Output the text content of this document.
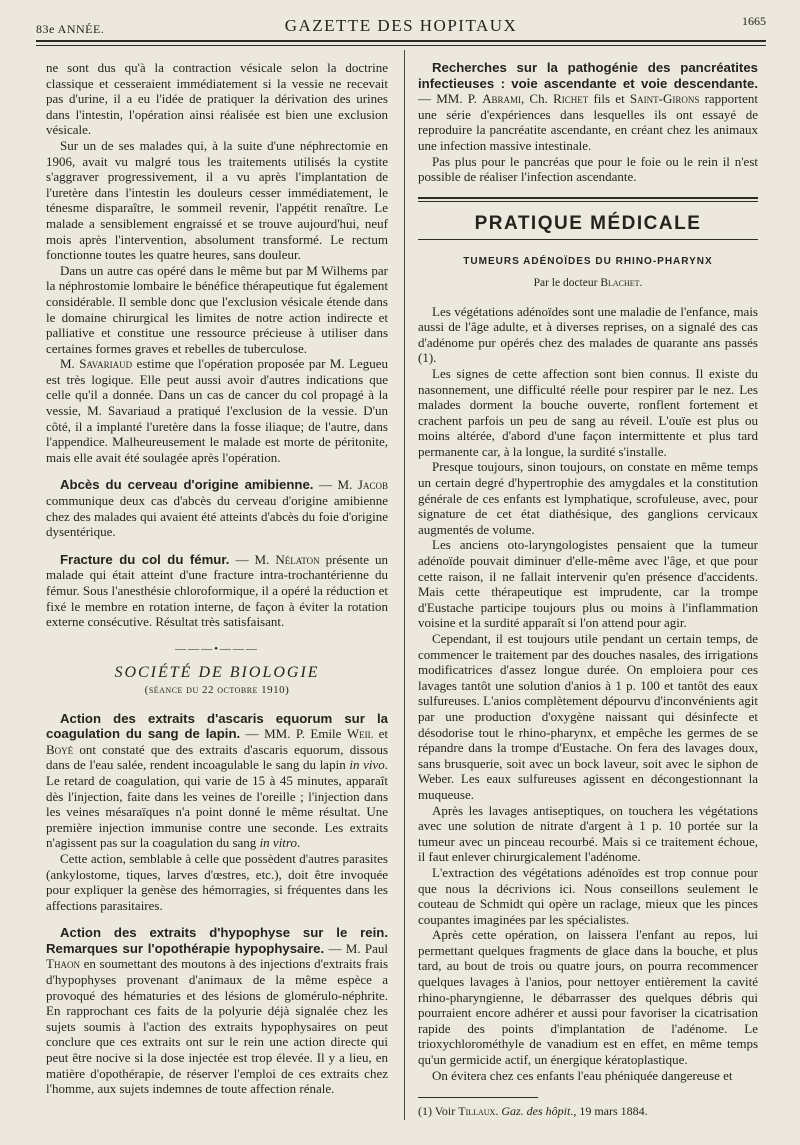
83e ANNÉE.	GAZETTE DES HOPITAUX	1665

ne sont dus qu'à la contraction vésicale selon la doctrine classique et cesseraient immédiatement si la vessie ne recevait pas d'urine, il a eu l'idée de pratiquer la dérivation des urines dans l'intestin, l'opération ainsi réalisée est bien une exclusion vésicale.

Sur un de ses malades qui, à la suite d'une néphrectomie en 1906, avait vu malgré tous les traitements utilisés la cystite s'aggraver progressivement, il a vu après l'implantation de l'uretère dans l'intestin les douleurs cesser immédiatement, le ténesme disparaître, le sommeil revenir, l'appétit renaître. Le malade a sensiblement engraissé et se trouve aujourd'hui, neuf mois après l'intervention, absolument transformé. Le rectum fonctionne toutes les quatre heures, sans douleur.

Dans un autre cas opéré dans le même but par M Wilhems par la néphrostomie lombaire le bénéfice thérapeutique fut également considérable. Il semble donc que l'exclusion vésicale étende dans le domaine chirurgical les limites de notre action indirecte et palliative et constitue une ressource précieuse à utiliser dans certaines formes graves et rebelles de tuberculose.

M. Savariaud estime que l'opération proposée par M. Legueu est très logique. Elle peut aussi avoir d'autres indications que celle qu'il a donnée. Dans un cas de cancer du col propagé à la vessie, M. Savariaud a pratiqué l'exclusion de la vessie. D'un côté, il a implanté l'uretère dans la fosse iliaque; de l'autre, dans l'appendice. Malheureusement le malade est morte de péritonite, mais elle avait été soulagée après l'opération.

Abcès du cerveau d'origine amibienne. — M. Jacob communique deux cas d'abcès du cerveau d'origine amibienne chez des malades qui avaient été atteints d'abcès du foie d'origine dysentérique.

Fracture du col du fémur. — M. Nélaton présente un malade qui était atteint d'une fracture intra-trochantérienne du fémur. Sous l'anesthésie chloroformique, il a opéré la réduction et fixé le membre en rotation interne, de façon à éviter la rotation externe consécutive. Résultat très satisfaisant.

———•———
SOCIÉTÉ DE BIOLOGIE
(séance du 22 octobre 1910)

Action des extraits d'ascaris equorum sur la coagulation du sang de lapin. — MM. P. Emile Weil et Boyé ont constaté que des extraits d'ascaris equorum, dissous dans de l'eau salée, rendent incoagulable le sang du lapin in vivo. Le retard de coagulation, qui varie de 15 à 45 minutes, apparaît dès l'injection, faite dans les veines de l'oreille ; l'injection dans les veines mésaraïques n'a point donné le même résultat. Une première injection immunise contre une seconde. Les extraits n'agissent pas sur la coagulation du sang in vitro.

Cette action, semblable à celle que possèdent d'autres parasites (ankylostome, tiques, larves d'œstres, etc.), doit être invoquée pour expliquer la genèse des hémorragies, si fréquentes dans les affections parasitaires.

Action des extraits d'hypophyse sur le rein. Remarques sur l'opothérapie hypophysaire. — M. Paul Thaon en soumettant des moutons à des injections d'extraits frais d'hypophyses provenant d'animaux de la même espèce a provoqué des hématuries et des lésions de glomérulo-néphrite. En rapprochant ces faits de la polyurie déjà signalée chez les sujets soumis à l'action des extraits hypophysaires on peut conclure que ces extraits ont sur le rein une action directe qui peut être nocive si la dose injectée est trop élevée. Il y a lieu, en matière d'opothérapie, de réserver l'emploi de ces extraits chez l'homme, aux sujets indemnes de toute affection rénale.

Recherches sur la pathogénie des pancréatites infectieuses : voie ascendante et voie descendante. — MM. P. Abrami, Ch. Richet fils et Saint-Girons rapportent une série d'expériences dans lesquelles ils ont essayé de reproduire la pancréatite ascendante, en créant chez les animaux une infection massive intestinale.

Pas plus pour le pancréas que pour le foie ou le rein il n'est possible de réaliser l'infection ascendante.

PRATIQUE MÉDICALE
TUMEURS ADÉNOÏDES DU RHINO-PHARYNX
Par le docteur Blachet.

Les végétations adénoïdes sont une maladie de l'enfance, mais aussi de l'âge adulte, et à diverses reprises, on a signalé des cas d'adénome pur opérés chez des malades de quarante ans passés (1).

Les signes de cette affection sont bien connus. Il existe du nasonnement, une difficulté réelle pour respirer par le nez. Les malades dorment la bouche ouverte, ronflent fortement et crachent parfois un peu de sang au réveil. L'ouïe est plus ou moins altérée, d'abord d'une façon intermittente et plus tard permanente car, à la longue, la surdité s'installe.

Presque toujours, sinon toujours, on constate en même temps un certain degré d'hypertrophie des amygdales et la constitution générale de ces enfants est lymphatique, scrofuleuse, avec, pour signature de cet état diathésique, des ganglions cervicaux augmentés de volume.

Les anciens oto-laryngologistes pensaient que la tumeur adénoïde pouvait diminuer d'elle-même avec l'âge, et que pour cette raison, il ne fallait intervenir qu'en présence d'accidents. Mais cette thérapeutique est imprudente, car la trompe d'Eustache participe toujours plus ou moins à l'inflammation voisine et la surdité apparaît si l'on attend pour agir.

Cependant, il est toujours utile pendant un certain temps, de commencer le traitement par des douches nasales, des irrigations modificatrices d'assez longue durée. On emploiera pour ces lavages tantôt une solution d'anios à 1 p. 100 et tantôt des eaux sulfureuses. L'anios complètement dépourvu d'inconvénients agit par une production d'oxygène naissant qui désinfecte et désodorise tout le rhino-pharynx, et empêche les germes de se répandre dans la trompe d'Eustache. On fera des lavages doux, sans brusquerie, soit avec un bock laveur, soit avec le siphon de Weber. Les eaux sulfureuses agissent en décongestionnant la muqueuse.

Après les lavages antiseptiques, on touchera les végétations avec une solution de nitrate d'argent à 1 p. 10 portée sur la tumeur avec un pinceau recourbé. Mais si ce traitement échoue, il faut enlever chirurgicalement l'adénome.

L'extraction des végétations adénoïdes est trop connue pour que nous la décrivions ici. Nous conseillons seulement le couteau de Schmidt qui opère un raclage, mieux que les pinces coupantes imaginées par les spécialistes.

Après cette opération, on laissera l'enfant au repos, lui permettant quelques fragments de glace dans la bouche, et plus tard, au bout de trois ou quatre jours, on pourra recommencer quelques lavages à l'anios, pour nettoyer entièrement la cavité rhino-pharyngienne, le débarrasser des quelques débris qui pourraient encore adhérer et aussi pour favoriser la cicatrisation rapide des points d'implantation de l'adénome. Le trioxychlorométhyle de vanadium est en effet, en même temps qu'un germicide actif, un énergique kératoplastique.

On évitera chez ces enfants l'eau phéniquée dangereuse et

(1) Voir Tillaux. Gaz. des hôpit., 19 mars 1884.
